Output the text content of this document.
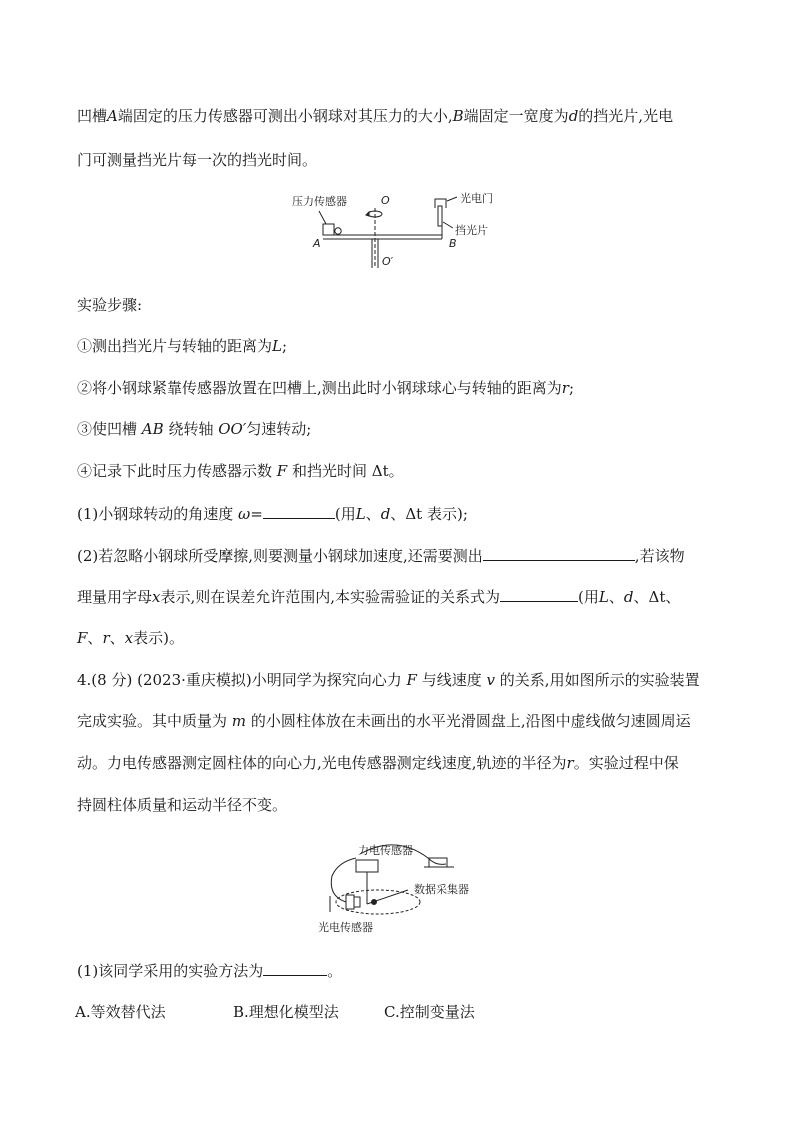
凹槽A端固定的压力传感器可测出小钢球对其压力的大小,B端固定一宽度为d的挡光片,光电
门可测量挡光片每一次的挡光时间。
压力传感器	O	光电门
A	B
挡光片
O′
实验步骤:
①测出挡光片与转轴的距离为L;
②将小钢球紧靠传感器放置在凹槽上,测出此时小钢球球心与转轴的距离为r;
③使凹槽 AB 绕转轴 OO′匀速转动;
④记录下此时压力传感器示数 F 和挡光时间 Δt。
(1)小钢球转动的角速度 ω=	(用L、d、Δt 表示);
(2)若忽略小钢球所受摩擦,则要测量小钢球加速度,还需要测出	,若该物
理量用字母x表示,则在误差允许范围内,本实验需验证的关系式为	(用L、d、Δt、
F、r、x表示)。
4.(8 分) (2023·重庆模拟)小明同学为探究向心力 F 与线速度 v 的关系,用如图所示的实验装置
完成实验。其中质量为 m 的小圆柱体放在未画出的水平光滑圆盘上,沿图中虚线做匀速圆周运
动。力电传感器测定圆柱体的向心力,光电传感器测定线速度,轨迹的半径为r。实验过程中保
持圆柱体质量和运动半径不变。
力电传感器
数据采集器
光电传感器
(1)该同学采用的实验方法为	。
A.等效替代法	B.理想化模型法	C.控制变量法
